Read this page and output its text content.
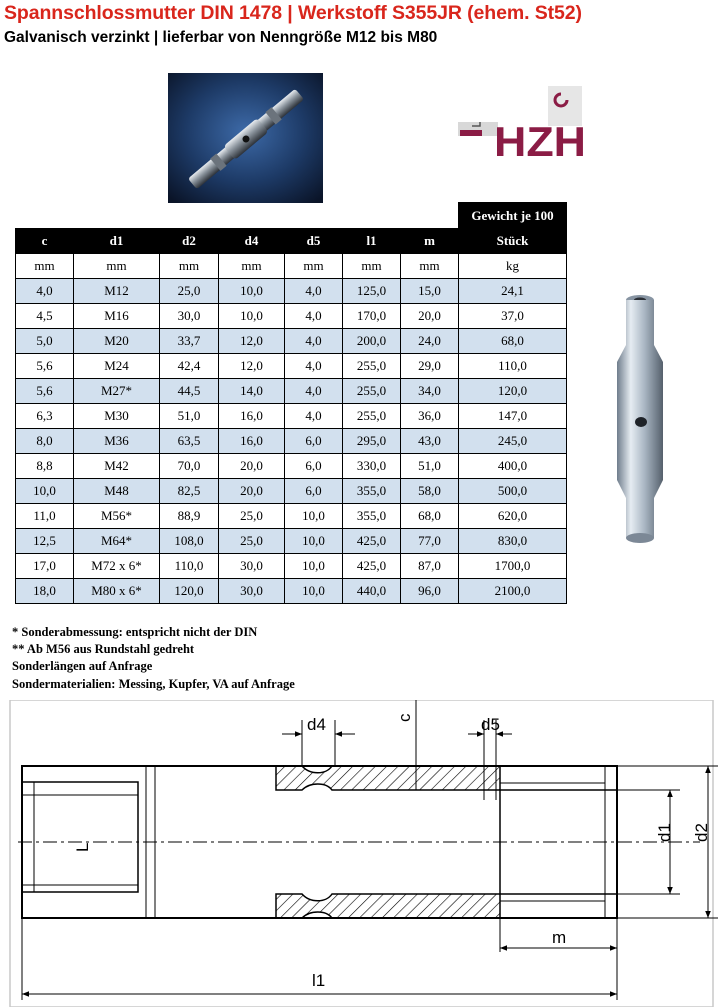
Spannschlossmutter DIN 1478 | Werkstoff S355JR (ehem. St52)
Galvanisch verzinkt | lieferbar von Nenngröße M12 bis M80
HZH
							Gewicht je 100
c	d1	d2	d4	d5	l1	m	Stück
mm	mm	mm	mm	mm	mm	mm	kg
4,0	M12	25,0	10,0	4,0	125,0	15,0	24,1
4,5	M16	30,0	10,0	4,0	170,0	20,0	37,0
5,0	M20	33,7	12,0	4,0	200,0	24,0	68,0
5,6	M24	42,4	12,0	4,0	255,0	29,0	110,0
5,6	M27*	44,5	14,0	4,0	255,0	34,0	120,0
6,3	M30	51,0	16,0	4,0	255,0	36,0	147,0
8,0	M36	63,5	16,0	6,0	295,0	43,0	245,0
8,8	M42	70,0	20,0	6,0	330,0	51,0	400,0
10,0	M48	82,5	20,0	6,0	355,0	58,0	500,0
11,0	M56*	88,9	25,0	10,0	355,0	68,0	620,0
12,5	M64*	108,0	25,0	10,0	425,0	77,0	830,0
17,0	M72 x 6*	110,0	30,0	10,0	425,0	87,0	1700,0
18,0	M80 x 6*	120,0	30,0	10,0	440,0	96,0	2100,0
* Sonderabmessung: entspricht nicht der DIN
** Ab M56 aus Rundstahl gedreht
Sonderlängen auf Anfrage
Sondermaterialien: Messing, Kupfer, VA auf Anfrage
d4	c	d5
L
d1 d2
m
l1
